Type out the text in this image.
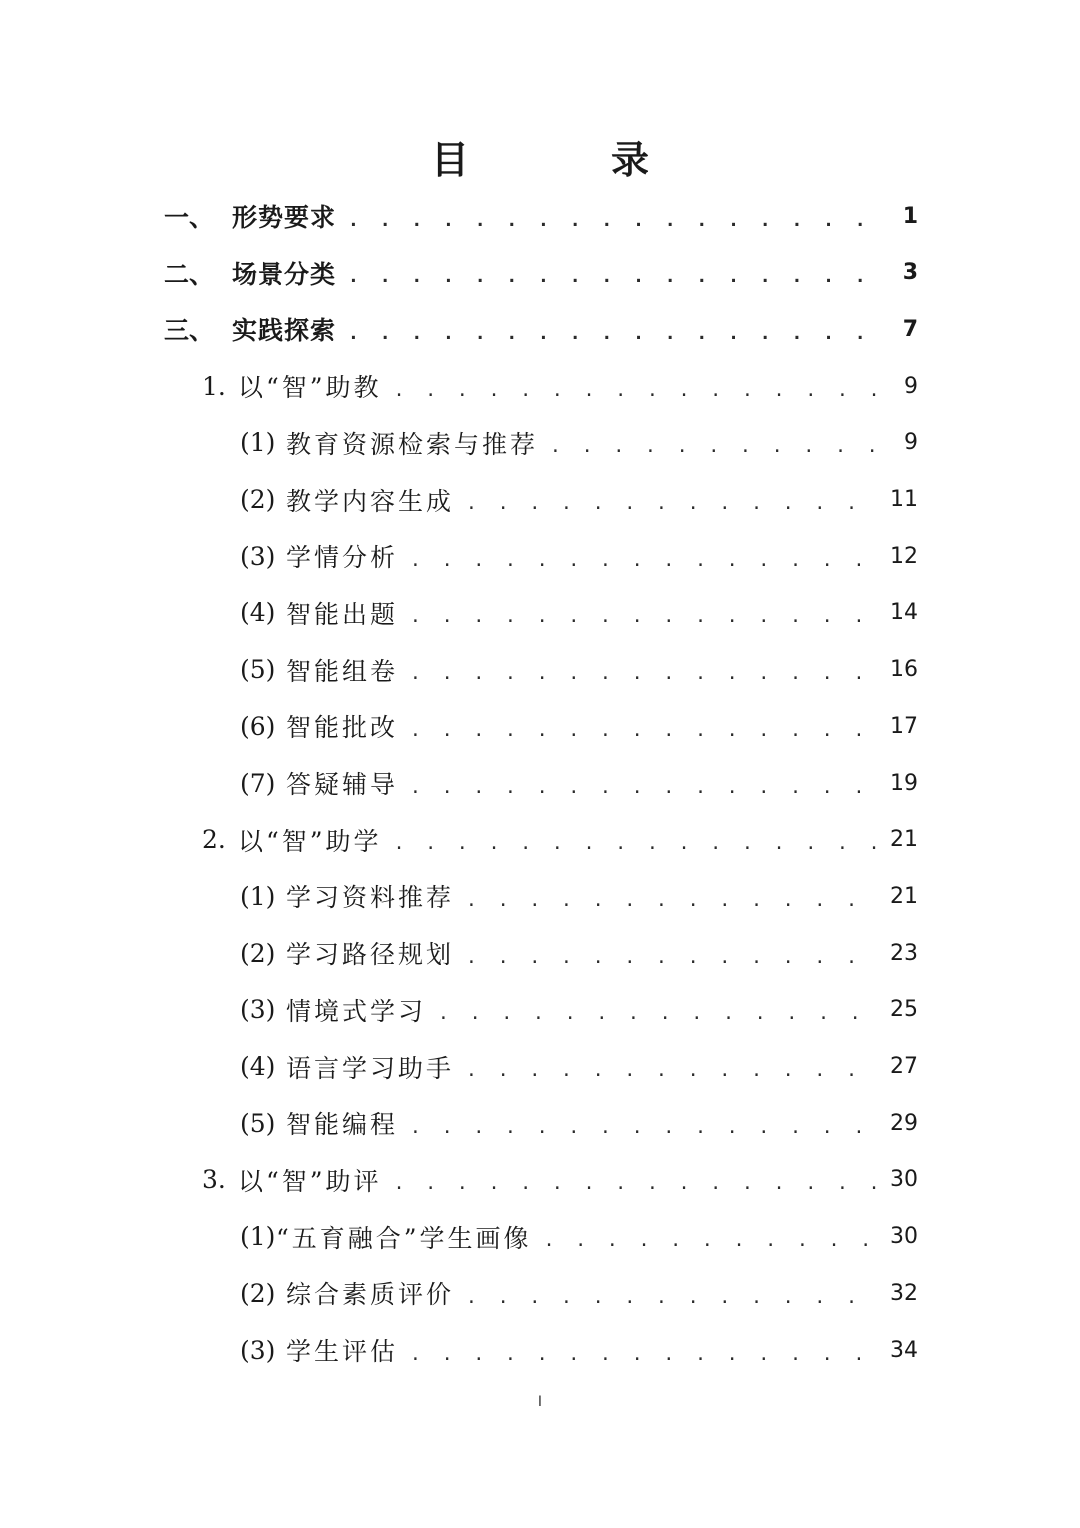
目　录
一、 形势要求 . . .	1
二、 场景分类 . . .	3
三、 实践探索 . . .	7
1. 以“智”助教 . . .	9
(1) 教育资源检索与推荐 . . .	9
(2) 教学内容生成 . . .	11
(3) 学情分析 . . .	12
(4) 智能出题 . . .	14
(5) 智能组卷 . . .	16
(6) 智能批改 . . .	17
(7) 答疑辅导 . . .	19
2. 以“智”助学 . . .	21
(1) 学习资料推荐 . . .	21
(2) 学习路径规划 . . .	23
(3) 情境式学习 . . .	25
(4) 语言学习助手 . . .	27
(5) 智能编程 . . .	29
3. 以“智”助评 . . .	30
(1) “五育融合”学生画像 . . .	30
(2) 综合素质评价 . . .	32
(3) 学生评估 . . .	34
I
